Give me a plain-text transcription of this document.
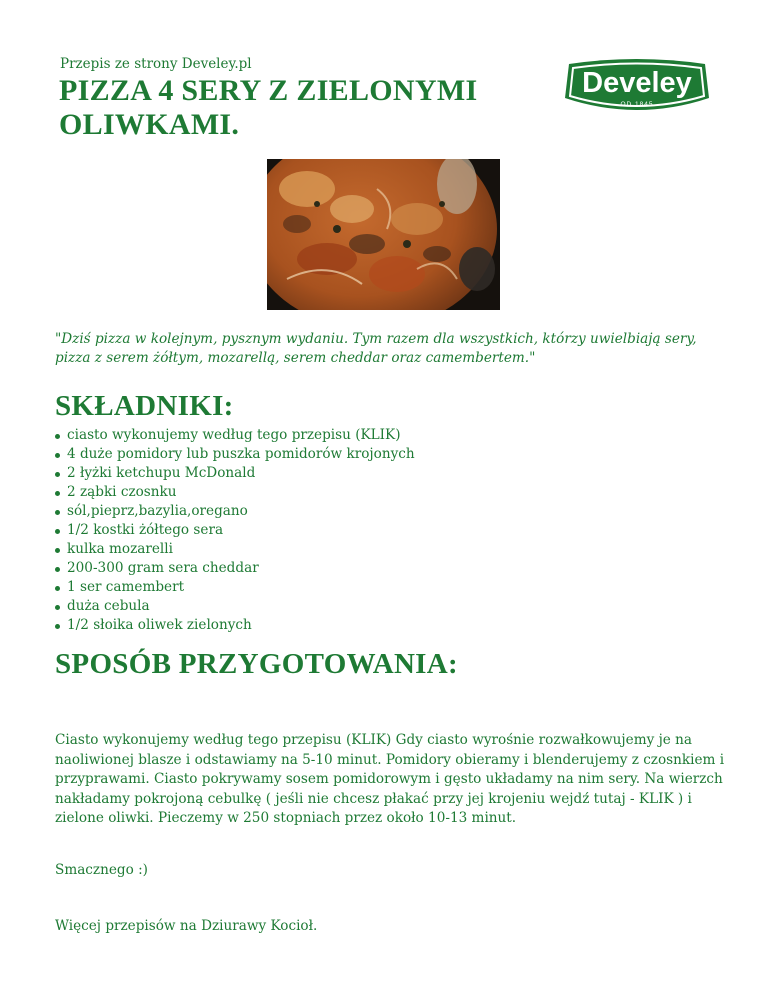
Przepis ze strony Develey.pl
PIZZA 4 SERY Z ZIELONYMI OLIWKAMI.
Develey
OD 1845
"Dziś pizza w kolejnym, pysznym wydaniu. Tym razem dla wszystkich, którzy uwielbiają sery, pizza z serem żółtym, mozarellą, serem cheddar oraz camembertem."
SKŁADNIKI:
ciasto wykonujemy według tego przepisu (KLIK)
4 duże pomidory lub puszka pomidorów krojonych
2 łyżki ketchupu McDonald
2 ząbki czosnku
sól,pieprz,bazylia,oregano
1/2 kostki żółtego sera
kulka mozarelli
200-300 gram sera cheddar
1 ser camembert
duża cebula
1/2 słoika oliwek zielonych
SPOSÓB PRZYGOTOWANIA:
Ciasto wykonujemy według tego przepisu (KLIK) Gdy ciasto wyrośnie rozwałkowujemy je na naoliwionej blasze i odstawiamy na 5-10 minut. Pomidory obieramy i blenderujemy z czosnkiem i przyprawami. Ciasto pokrywamy sosem pomidorowym i gęsto układamy na nim sery. Na wierzch nakładamy pokrojoną cebulkę ( jeśli nie chcesz płakać przy jej krojeniu wejdź tutaj - KLIK ) i zielone oliwki. Pieczemy w 250 stopniach przez około 10-13 minut.
Smacznego :)
Więcej przepisów na Dziurawy Kocioł.
